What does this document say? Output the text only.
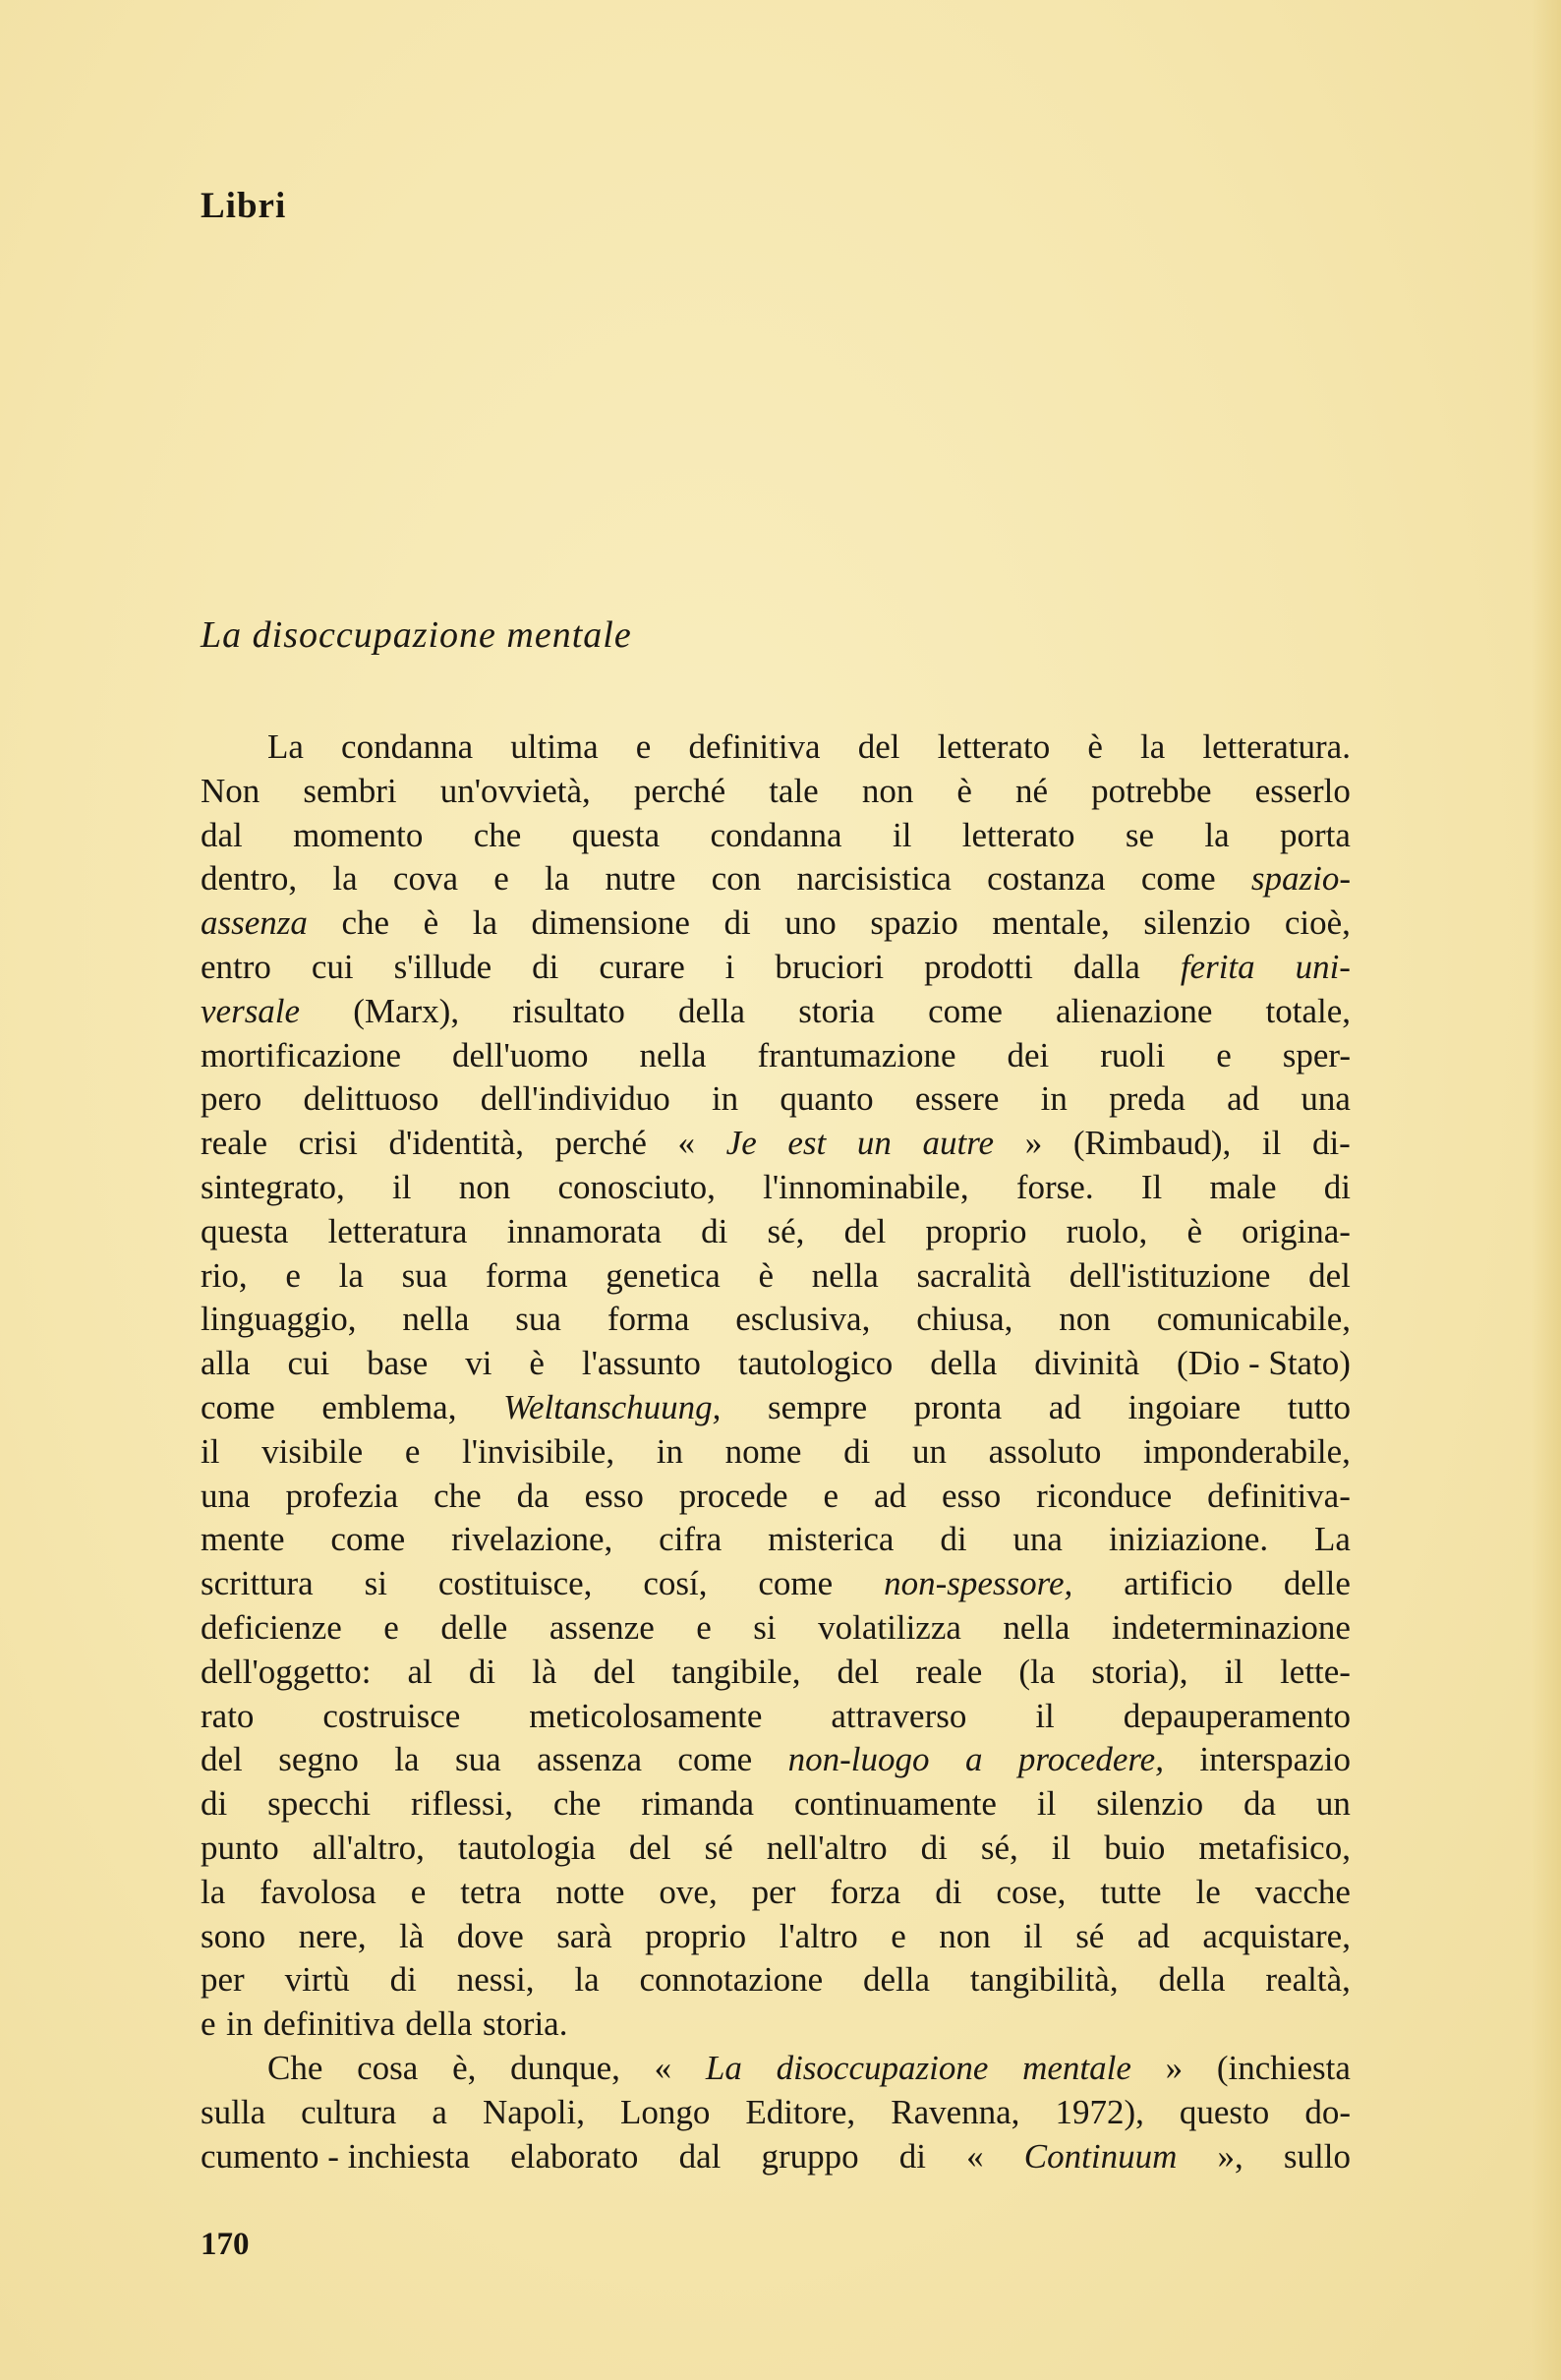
Libri
La disoccupazione mentale
La condanna ultima e definitiva del letterato è la letteratura.
Non sembri un'ovvietà, perché tale non è né potrebbe esserlo
dal momento che questa condanna il letterato se la porta
dentro, la cova e la nutre con narcisistica costanza come spazio-
assenza che è la dimensione di uno spazio mentale, silenzio cioè,
entro cui s'illude di curare i bruciori prodotti dalla ferita uni-
versale (Marx), risultato della storia come alienazione totale,
mortificazione dell'uomo nella frantumazione dei ruoli e sper-
pero delittuoso dell'individuo in quanto essere in preda ad una
reale crisi d'identità, perché « Je est un autre » (Rimbaud), il di-
sintegrato, il non conosciuto, l'innominabile, forse. Il male di
questa letteratura innamorata di sé, del proprio ruolo, è origina-
rio, e la sua forma genetica è nella sacralità dell'istituzione del
linguaggio, nella sua forma esclusiva, chiusa, non comunicabile,
alla cui base vi è l'assunto tautologico della divinità (Dio - Stato)
come emblema, Weltanschuung, sempre pronta ad ingoiare tutto
il visibile e l'invisibile, in nome di un assoluto imponderabile,
una profezia che da esso procede e ad esso riconduce definitiva-
mente come rivelazione, cifra misterica di una iniziazione. La
scrittura si costituisce, cosí, come non-spessore, artificio delle
deficienze e delle assenze e si volatilizza nella indeterminazione
dell'oggetto: al di là del tangibile, del reale (la storia), il lette-
rato costruisce meticolosamente attraverso il depauperamento
del segno la sua assenza come non-luogo a procedere, interspazio
di specchi riflessi, che rimanda continuamente il silenzio da un
punto all'altro, tautologia del sé nell'altro di sé, il buio metafisico,
la favolosa e tetra notte ove, per forza di cose, tutte le vacche
sono nere, là dove sarà proprio l'altro e non il sé ad acquistare,
per virtù di nessi, la connotazione della tangibilità, della realtà,
e in definitiva della storia.
Che cosa è, dunque, « La disoccupazione mentale » (inchiesta
sulla cultura a Napoli, Longo Editore, Ravenna, 1972), questo do-
cumento - inchiesta elaborato dal gruppo di « Continuum », sullo
170
